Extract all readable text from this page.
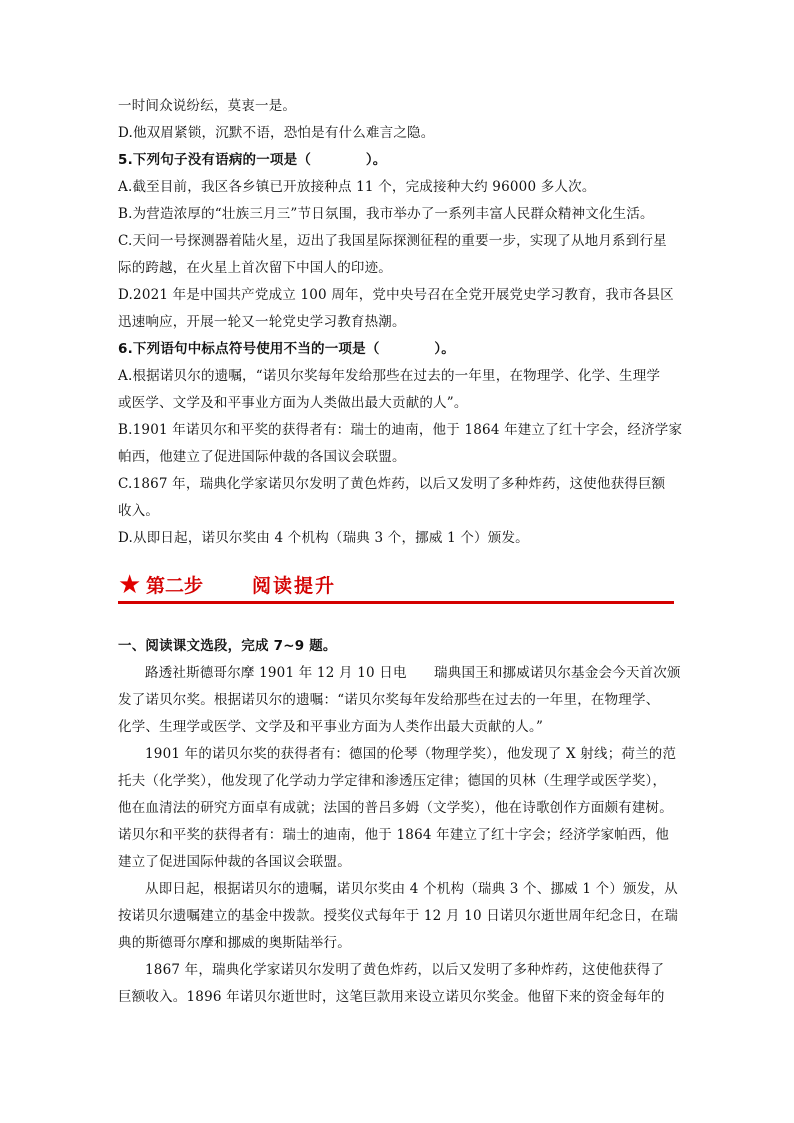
一时间众说纷纭，莫衷一是。
D.他双眉紧锁，沉默不语，恐怕是有什么难言之隐。
5.下列句子没有语病的一项是（　　　　）。
A.截至目前，我区各乡镇已开放接种点 11 个，完成接种大约 96000 多人次。
B.为营造浓厚的“壮族三月三”节日氛围，我市举办了一系列丰富人民群众精神文化生活。
C.天问一号探测器着陆火星，迈出了我国星际探测征程的重要一步，实现了从地月系到行星
际的跨越，在火星上首次留下中国人的印迹。
D.2021 年是中国共产党成立 100 周年，党中央号召在全党开展党史学习教育，我市各县区
迅速响应，开展一轮又一轮党史学习教育热潮。
6.下列语句中标点符号使用不当的一项是（　　　　）。
A.根据诺贝尔的遗嘱，“诺贝尔奖每年发给那些在过去的一年里，在物理学、化学、生理学
或医学、文学及和平事业方面为人类做出最大贡献的人”。
B.1901 年诺贝尔和平奖的获得者有：瑞士的迪南，他于 1864 年建立了红十字会，经济学家
帕西，他建立了促进国际仲裁的各国议会联盟。
C.1867 年，瑞典化学家诺贝尔发明了黄色炸药，以后又发明了多种炸药，这使他获得巨额
收入。
D.从即日起，诺贝尔奖由 4 个机构（瑞典 3 个，挪威 1 个）颁发。
★ 第二步	阅读提升
一、阅读课文选段，完成 7~9 题。
路透社斯德哥尔摩 1901 年 12 月 10 日电　　瑞典国王和挪威诺贝尔基金会今天首次颁
发了诺贝尔奖。根据诺贝尔的遗嘱：“诺贝尔奖每年发给那些在过去的一年里，在物理学、
化学、生理学或医学、文学及和平事业方面为人类作出最大贡献的人。”
1901 年的诺贝尔奖的获得者有：德国的伦琴（物理学奖），他发现了 X 射线；荷兰的范
托夫（化学奖），他发现了化学动力学定律和渗透压定律；德国的贝林（生理学或医学奖），
他在血清法的研究方面卓有成就；法国的普吕多姆（文学奖），他在诗歌创作方面颇有建树。
诺贝尔和平奖的获得者有：瑞士的迪南，他于 1864 年建立了红十字会；经济学家帕西，他
建立了促进国际仲裁的各国议会联盟。
从即日起，根据诺贝尔的遗嘱，诺贝尔奖由 4 个机构（瑞典 3 个、挪威 1 个）颁发，从
按诺贝尔遗嘱建立的基金中拨款。授奖仪式每年于 12 月 10 日诺贝尔逝世周年纪念日，在瑞
典的斯德哥尔摩和挪威的奥斯陆举行。
1867 年，瑞典化学家诺贝尔发明了黄色炸药，以后又发明了多种炸药，这使他获得了
巨额收入。1896 年诺贝尔逝世时，这笔巨款用来设立诺贝尔奖金。他留下来的资金每年的
